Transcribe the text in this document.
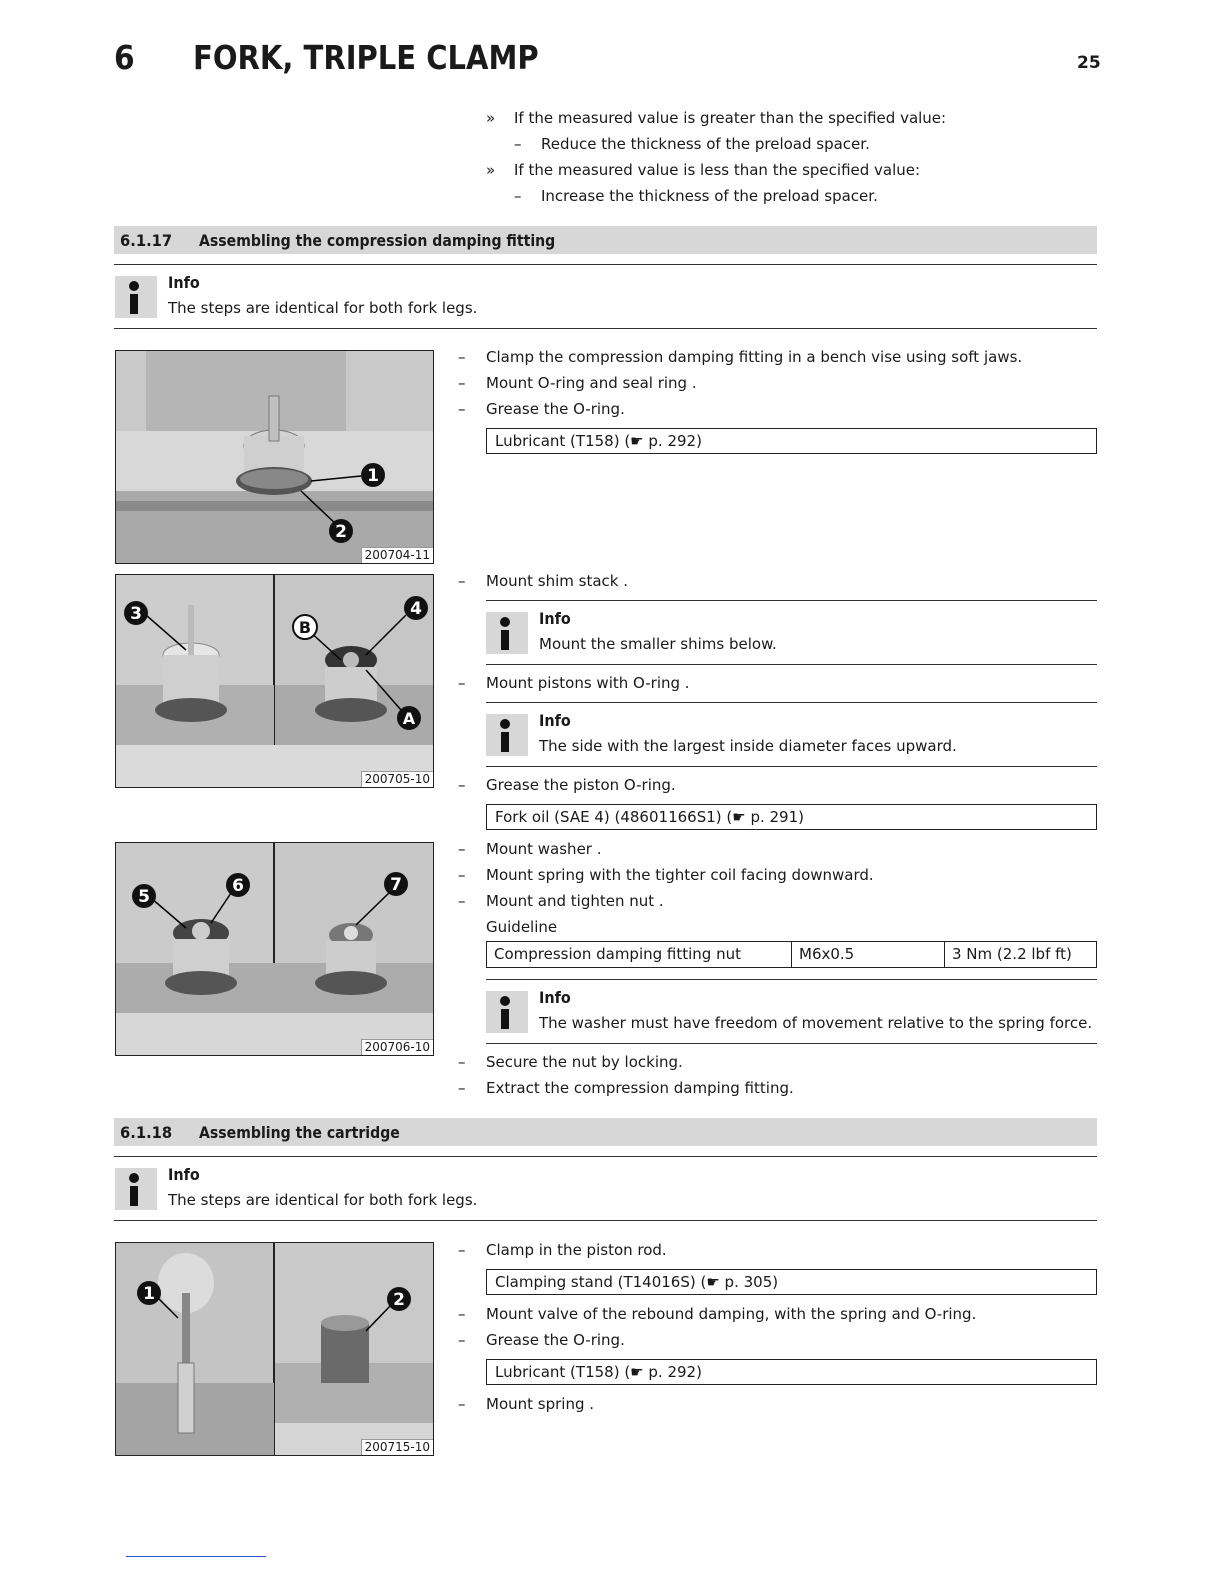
6 FORK, TRIPLE CLAMP	25
» If the measured value is greater than the specified value:
– Reduce the thickness of the preload spacer.
» If the measured value is less than the specified value:
– Increase the thickness of the preload spacer.
6.1.17 Assembling the compression damping fitting
Info
The steps are identical for both fork legs.
1
2
200704-11
– Clamp the compression damping fitting in a bench vise using soft jaws.
– Mount O-ring and seal ring .
– Grease the O-ring.
Lubricant (T158) (☛ p. 292)
3	4
B
A
200705-10
– Mount shim stack .
Info
Mount the smaller shims below.
– Mount pistons with O-ring .
Info
The side with the largest inside diameter faces upward.
– Grease the piston O-ring.
Fork oil (SAE 4) (48601166S1) (☛ p. 291)
5
6	7
200706-10
– Mount washer .
– Mount spring with the tighter coil facing downward.
– Mount and tighten nut .
Guideline
Compression damping fitting nut	M6x0.5	3 Nm (2.2 lbf ft)
Info
The washer must have freedom of movement relative to the spring force.
– Secure the nut by locking.
– Extract the compression damping fitting.
6.1.18 Assembling the cartridge
Info
The steps are identical for both fork legs.
1	2
200715-10
– Clamp in the piston rod.
Clamping stand (T14016S) (☛ p. 305)
– Mount valve of the rebound damping, with the spring and O-ring.
– Grease the O-ring.
Lubricant (T158) (☛ p. 292)
– Mount spring .
